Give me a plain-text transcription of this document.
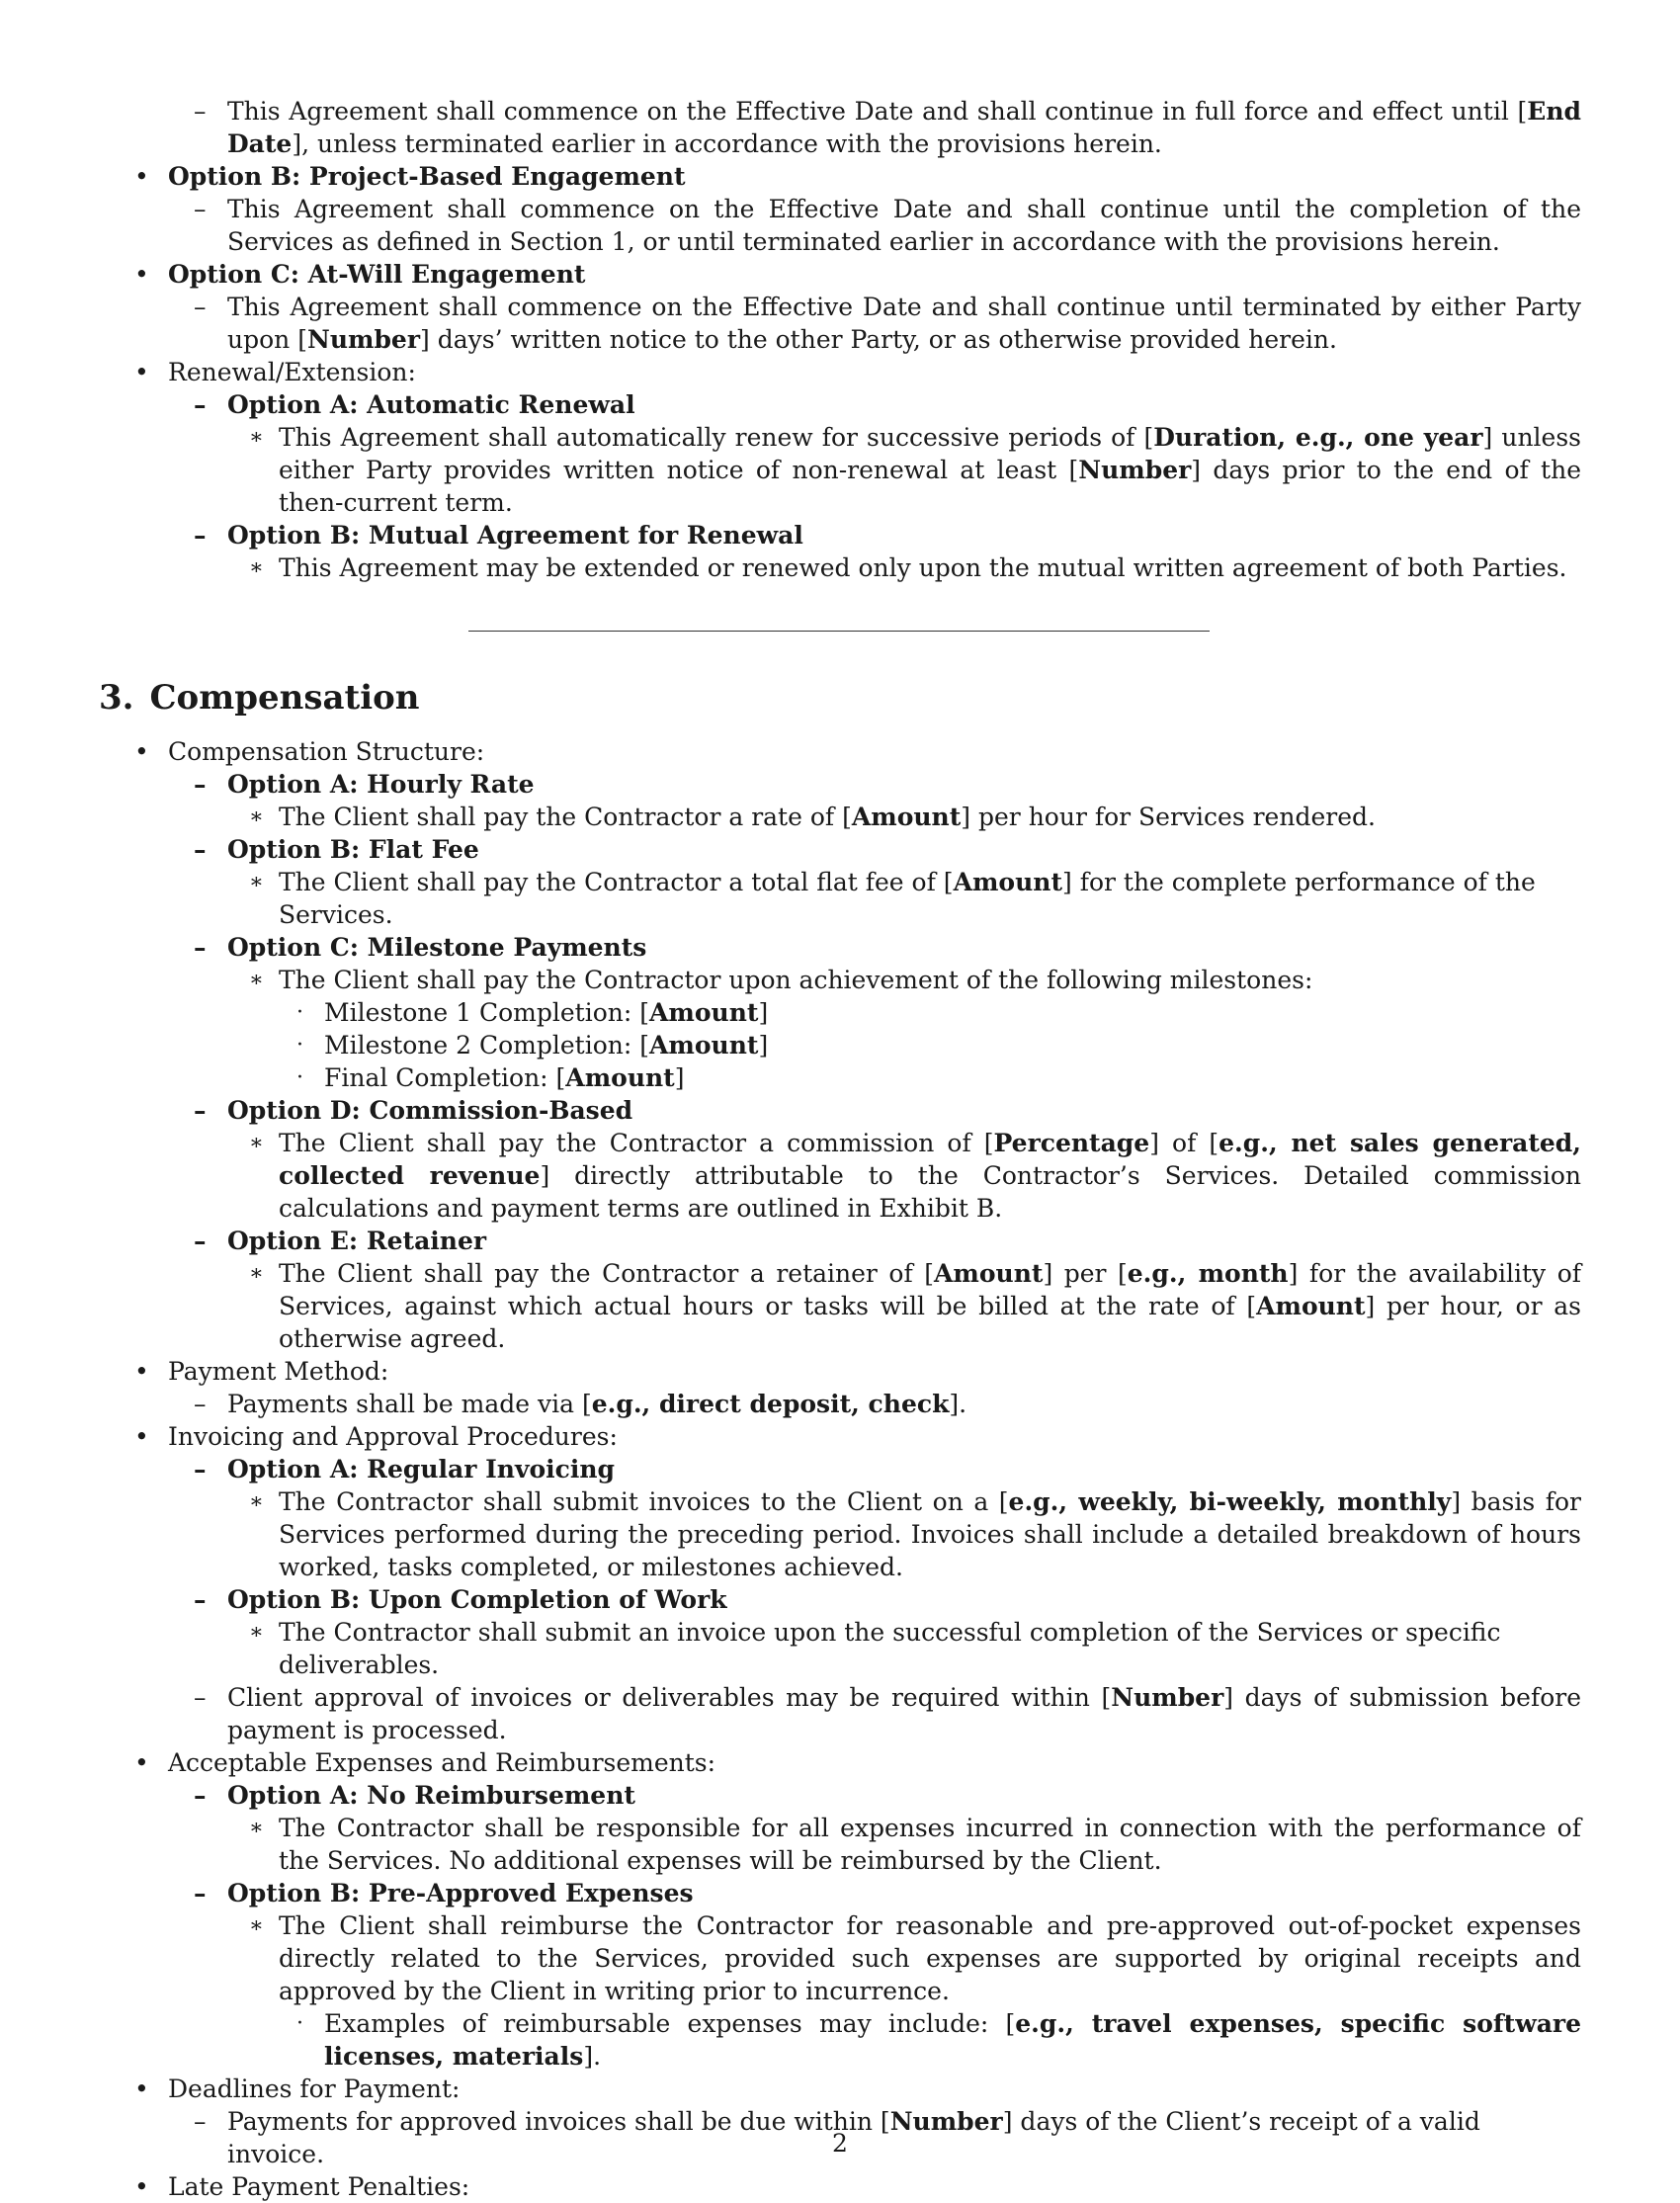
– This Agreement shall commence on the Effective Date and shall continue in full force and effect until [End Date], unless terminated earlier in accordance with the provisions herein.
• Option B: Project-Based Engagement
– This Agreement shall commence on the Effective Date and shall continue until the completion of the Services as defined in Section 1, or until terminated earlier in accordance with the provisions herein.
• Option C: At-Will Engagement
– This Agreement shall commence on the Effective Date and shall continue until terminated by either Party upon [Number] days’ written notice to the other Party, or as otherwise provided herein.
• Renewal/Extension:
– Option A: Automatic Renewal
∗ This Agreement shall automatically renew for successive periods of [Duration, e.g., one year] unless either Party provides written notice of non-renewal at least [Number] days prior to the end of the then-current term.
– Option B: Mutual Agreement for Renewal
∗ This Agreement may be extended or renewed only upon the mutual written agreement of both Parties.
3. Compensation
• Compensation Structure:
– Option A: Hourly Rate
∗ The Client shall pay the Contractor a rate of [Amount] per hour for Services rendered.
– Option B: Flat Fee
∗ The Client shall pay the Contractor a total flat fee of [Amount] for the complete performance of the Services.
– Option C: Milestone Payments
∗ The Client shall pay the Contractor upon achievement of the following milestones:
· Milestone 1 Completion: [Amount]
· Milestone 2 Completion: [Amount]
· Final Completion: [Amount]
– Option D: Commission-Based
∗ The Client shall pay the Contractor a commission of [Percentage] of [e.g., net sales generated, collected revenue] directly attributable to the Contractor’s Services. Detailed commission calculations and payment terms are outlined in Exhibit B.
– Option E: Retainer
∗ The Client shall pay the Contractor a retainer of [Amount] per [e.g., month] for the availability of Services, against which actual hours or tasks will be billed at the rate of [Amount] per hour, or as otherwise agreed.
• Payment Method:
– Payments shall be made via [e.g., direct deposit, check].
• Invoicing and Approval Procedures:
– Option A: Regular Invoicing
∗ The Contractor shall submit invoices to the Client on a [e.g., weekly, bi-weekly, monthly] basis for Services performed during the preceding period. Invoices shall include a detailed breakdown of hours worked, tasks completed, or milestones achieved.
– Option B: Upon Completion of Work
∗ The Contractor shall submit an invoice upon the successful completion of the Services or specific deliverables.
– Client approval of invoices or deliverables may be required within [Number] days of submission before payment is processed.
• Acceptable Expenses and Reimbursements:
– Option A: No Reimbursement
∗ The Contractor shall be responsible for all expenses incurred in connection with the performance of the Services. No additional expenses will be reimbursed by the Client.
– Option B: Pre-Approved Expenses
∗ The Client shall reimburse the Contractor for reasonable and pre-approved out-of-pocket expenses directly related to the Services, provided such expenses are supported by original receipts and approved by the Client in writing prior to incurrence.
· Examples of reimbursable expenses may include: [e.g., travel expenses, specific software licenses, materials].
• Deadlines for Payment:
– Payments for approved invoices shall be due within [Number] days of the Client’s receipt of a valid invoice.
• Late Payment Penalties:
2
